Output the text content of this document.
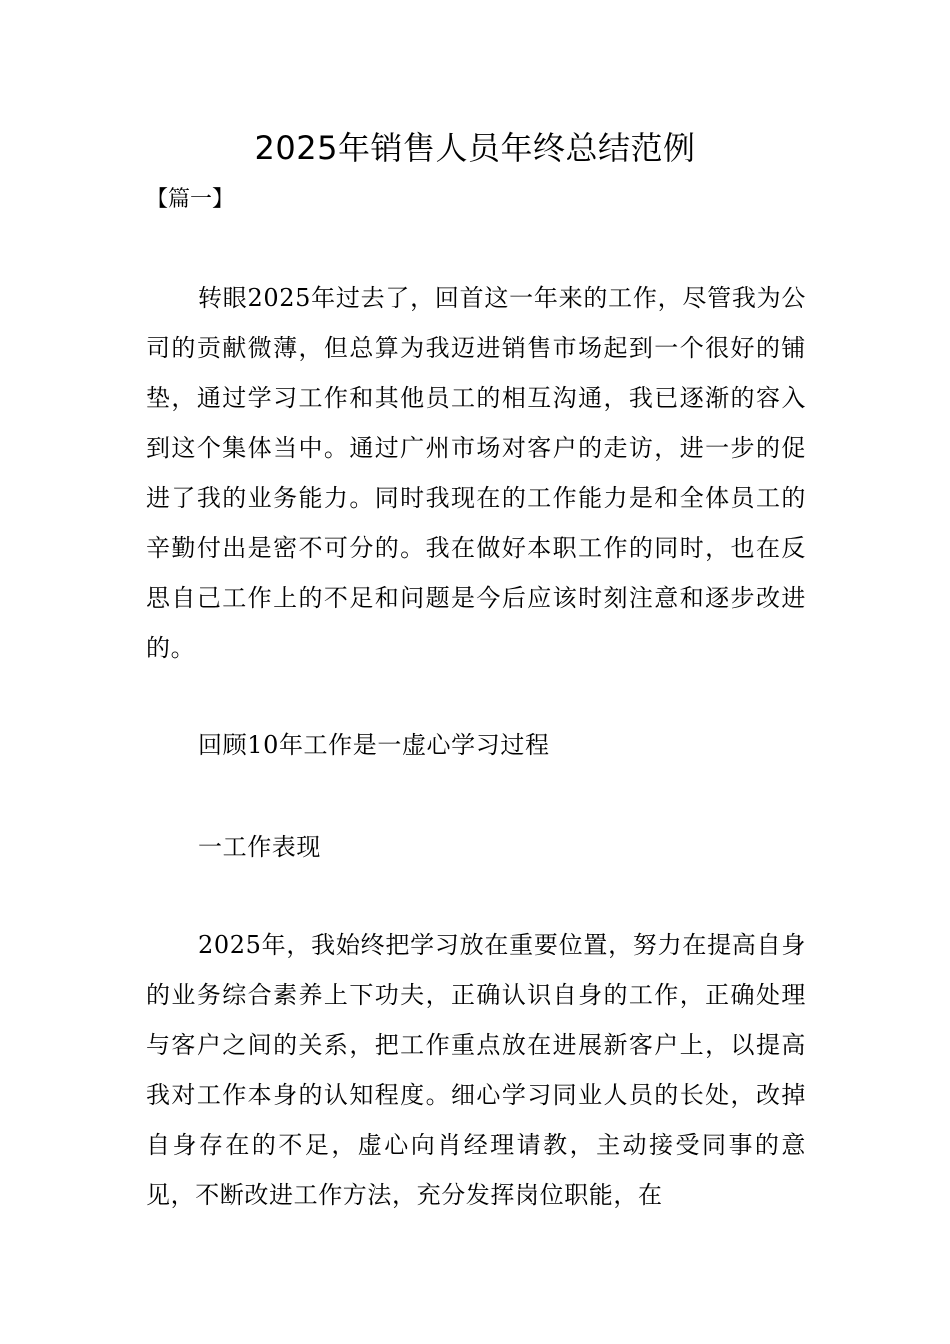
2025年销售人员年终总结范例
【篇一】

转眼2025年过去了，回首这一年来的工作，尽管我为公司的贡献微薄，但总算为我迈进销售市场起到一个很好的铺垫，通过学习工作和其他员工的相互沟通，我已逐渐的容入到这个集体当中。通过广州市场对客户的走访，进一步的促进了我的业务能力。同时我现在的工作能力是和全体员工的辛勤付出是密不可分的。我在做好本职工作的同时，也在反思自己工作上的不足和问题是今后应该时刻注意和逐步改进的。

回顾10年工作是一虚心学习过程

一工作表现

2025年，我始终把学习放在重要位置，努力在提高自身的业务综合素养上下功夫，正确认识自身的工作，正确处理与客户之间的关系，把工作重点放在进展新客户上，以提高我对工作本身的认知程度。细心学习同业人员的长处，改掉自身存在的不足，虚心向肖经理请教，主动接受同事的意见，不断改进工作方法，充分发挥岗位职能，在
